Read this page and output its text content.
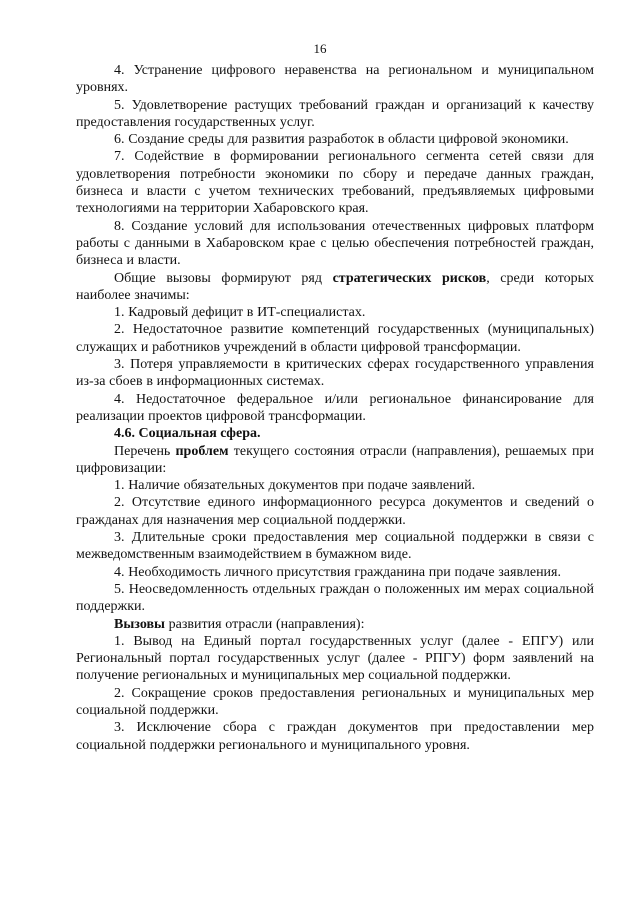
16

4. Устранение цифрового неравенства на региональном и муниципальном уровнях.

5. Удовлетворение растущих требований граждан и организаций к качеству предоставления государственных услуг.

6. Создание среды для развития разработок в области цифровой экономики.

7. Содействие в формировании регионального сегмента сетей связи для удовлетворения потребности экономики по сбору и передаче данных граждан, бизнеса и власти с учетом технических требований, предъявляемых цифровыми технологиями на территории Хабаровского края.

8. Создание условий для использования отечественных цифровых платформ работы с данными в Хабаровском крае с целью обеспечения потребностей граждан, бизнеса и власти.

Общие вызовы формируют ряд стратегических рисков, среди которых наиболее значимы:

1. Кадровый дефицит в ИТ-специалистах.

2. Недостаточное развитие компетенций государственных (муниципальных) служащих и работников учреждений в области цифровой трансформации.

3. Потеря управляемости в критических сферах государственного управления из-за сбоев в информационных системах.

4. Недостаточное федеральное и/или региональное финансирование для реализации проектов цифровой трансформации.

4.6. Социальная сфера.

Перечень проблем текущего состояния отрасли (направления), решаемых при цифровизации:

1. Наличие обязательных документов при подаче заявлений.

2. Отсутствие единого информационного ресурса документов и сведений о гражданах для назначения мер социальной поддержки.

3. Длительные сроки предоставления мер социальной поддержки в связи с межведомственным взаимодействием в бумажном виде.

4. Необходимость личного присутствия гражданина при подаче заявления.

5. Неосведомленность отдельных граждан о положенных им мерах социальной поддержки.

Вызовы развития отрасли (направления):

1. Вывод на Единый портал государственных услуг (далее - ЕПГУ) или Региональный портал государственных услуг (далее - РПГУ) форм заявлений на получение региональных и муниципальных мер социальной поддержки.

2. Сокращение сроков предоставления региональных и муниципальных мер социальной поддержки.

3. Исключение сбора с граждан документов при предоставлении мер социальной поддержки регионального и муниципального уровня.
